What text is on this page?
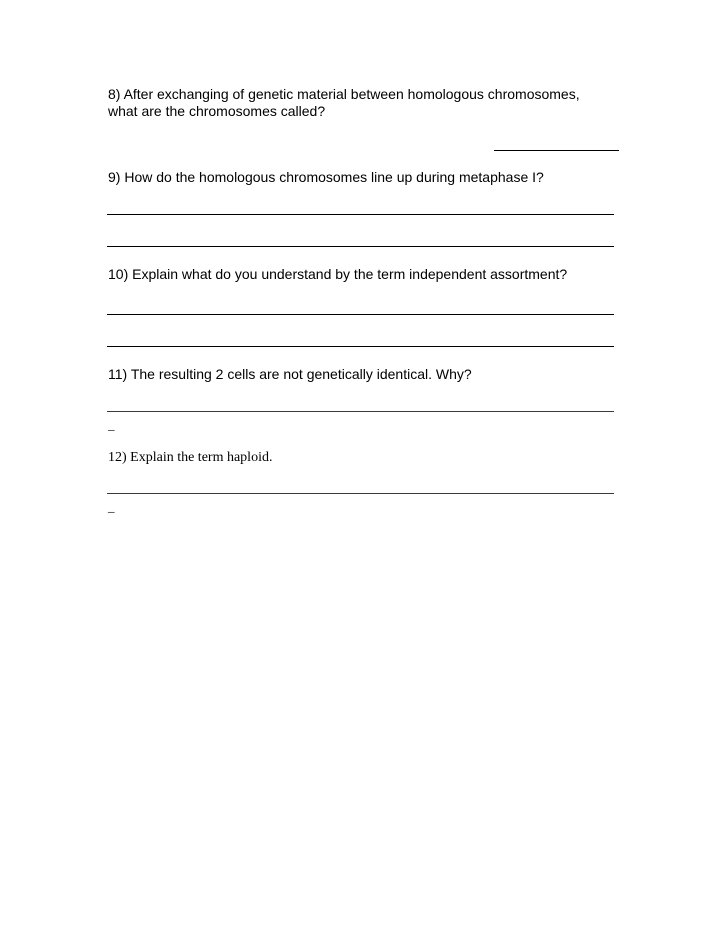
8) After exchanging of genetic material between homologous chromosomes,
what are the chromosomes called?
9) How do the homologous chromosomes line up during metaphase I?
10) Explain what do you understand by the term independent assortment?
11) The resulting 2 cells are not genetically identical. Why?
_
12) Explain the term haploid.
_
